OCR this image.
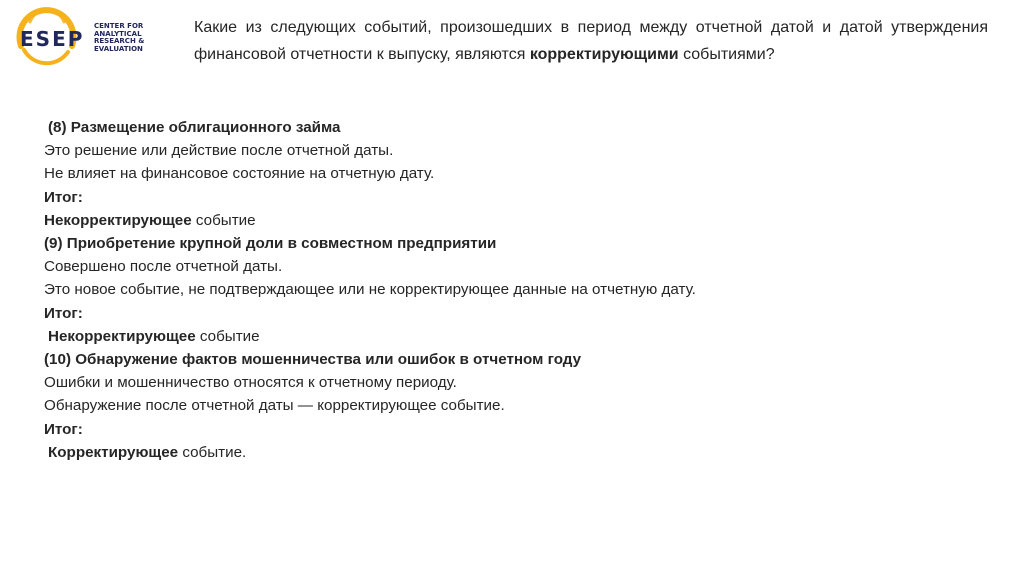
ESEP
CENTER FOR
ANALYTICAL
RESEARCH &
EVALUATION
Какие из следующих событий, произошедших в период между отчетной датой и датой утверждения финансовой отчетности к выпуску, являются корректирующими событиями?
(8) Размещение облигационного займа
Это решение или действие после отчетной даты.
Не влияет на финансовое состояние на отчетную дату.
Итог:
Некорректирующее событие
(9) Приобретение крупной доли в совместном предприятии
Совершено после отчетной даты.
Это новое событие, не подтверждающее или не корректирующее данные на отчетную дату.
Итог:
Некорректирующее событие
(10) Обнаружение фактов мошенничества или ошибок в отчетном году
Ошибки и мошенничество относятся к отчетному периоду.
Обнаружение после отчетной даты — корректирующее событие.
Итог:
Корректирующее событие.
